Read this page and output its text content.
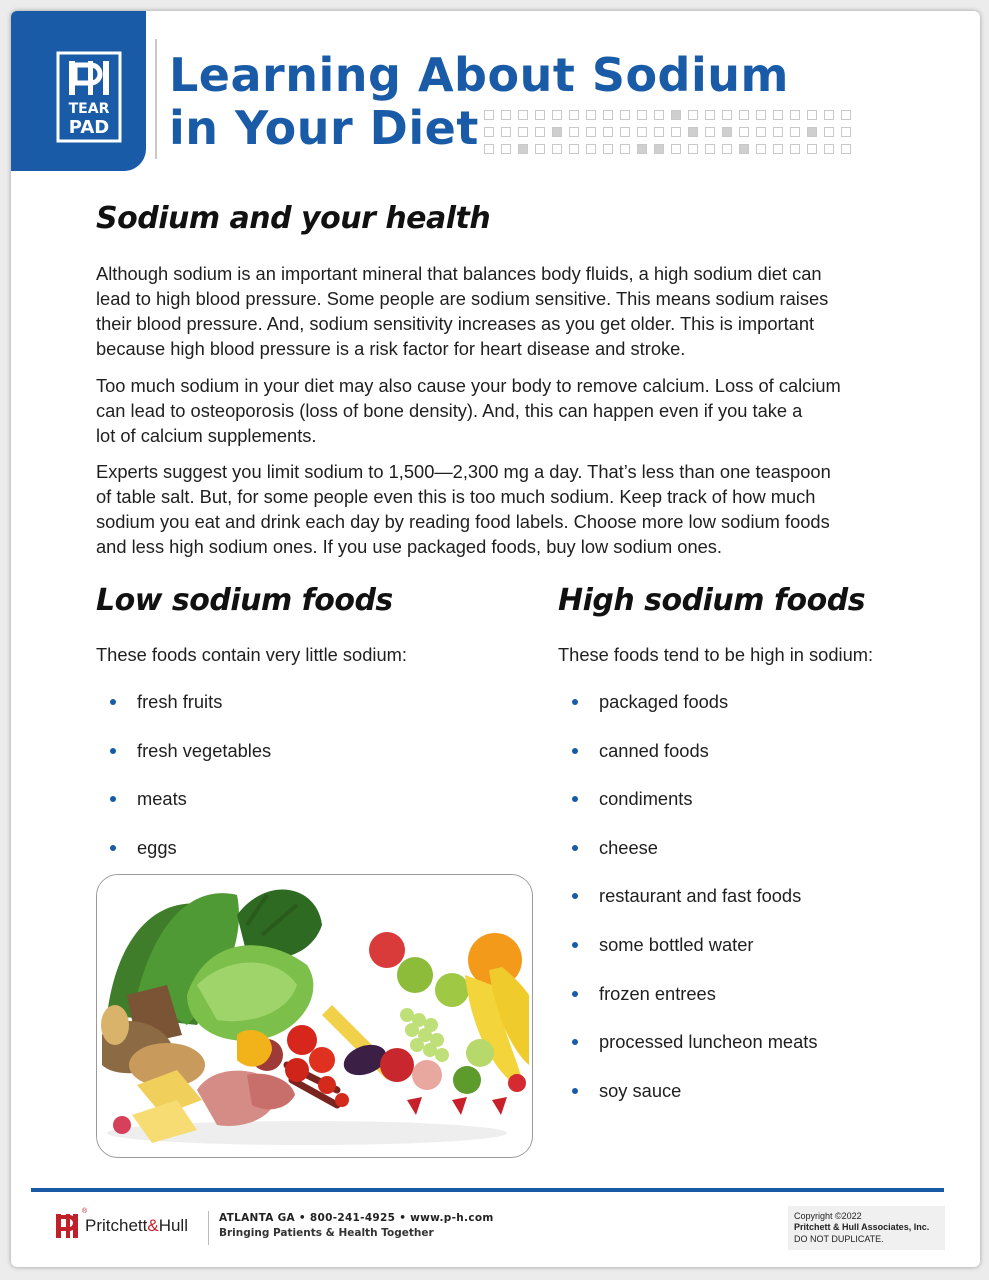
TEAR
PAD
Learning About Sodium
in Your Diet
Sodium and your health

Although sodium is an important mineral that balances body fluids, a high sodium diet can
lead to high blood pressure. Some people are sodium sensitive. This means sodium raises
their blood pressure. And, sodium sensitivity increases as you get older. This is important
because high blood pressure is a risk factor for heart disease and stroke.

Too much sodium in your diet may also cause your body to remove calcium. Loss of calcium
can lead to osteoporosis (loss of bone density). And, this can happen even if you take a
lot of calcium supplements.

Experts suggest you limit sodium to 1,500—2,300 mg a day. That’s less than one teaspoon
of table salt. But, for some people even this is too much sodium. Keep track of how much
sodium you eat and drink each day by reading food labels. Choose more low sodium foods
and less high sodium ones. If you use packaged foods, buy low sodium ones.

Low sodium foods

These foods contain very little sodium:

fresh fruits
fresh vegetables
meats
eggs
High sodium foods

These foods tend to be high in sodium:

packaged foods
canned foods
condiments
cheese
restaurant and fast foods
some bottled water
frozen entrees
processed luncheon meats
soy sauce
Pritchett&Hull
®
ATLANTA GA • 800-241-4925 • www.p-h.com
Bringing Patients & Health Together
Copyright ©2022
Pritchett & Hull Associates, Inc.
DO NOT DUPLICATE.
